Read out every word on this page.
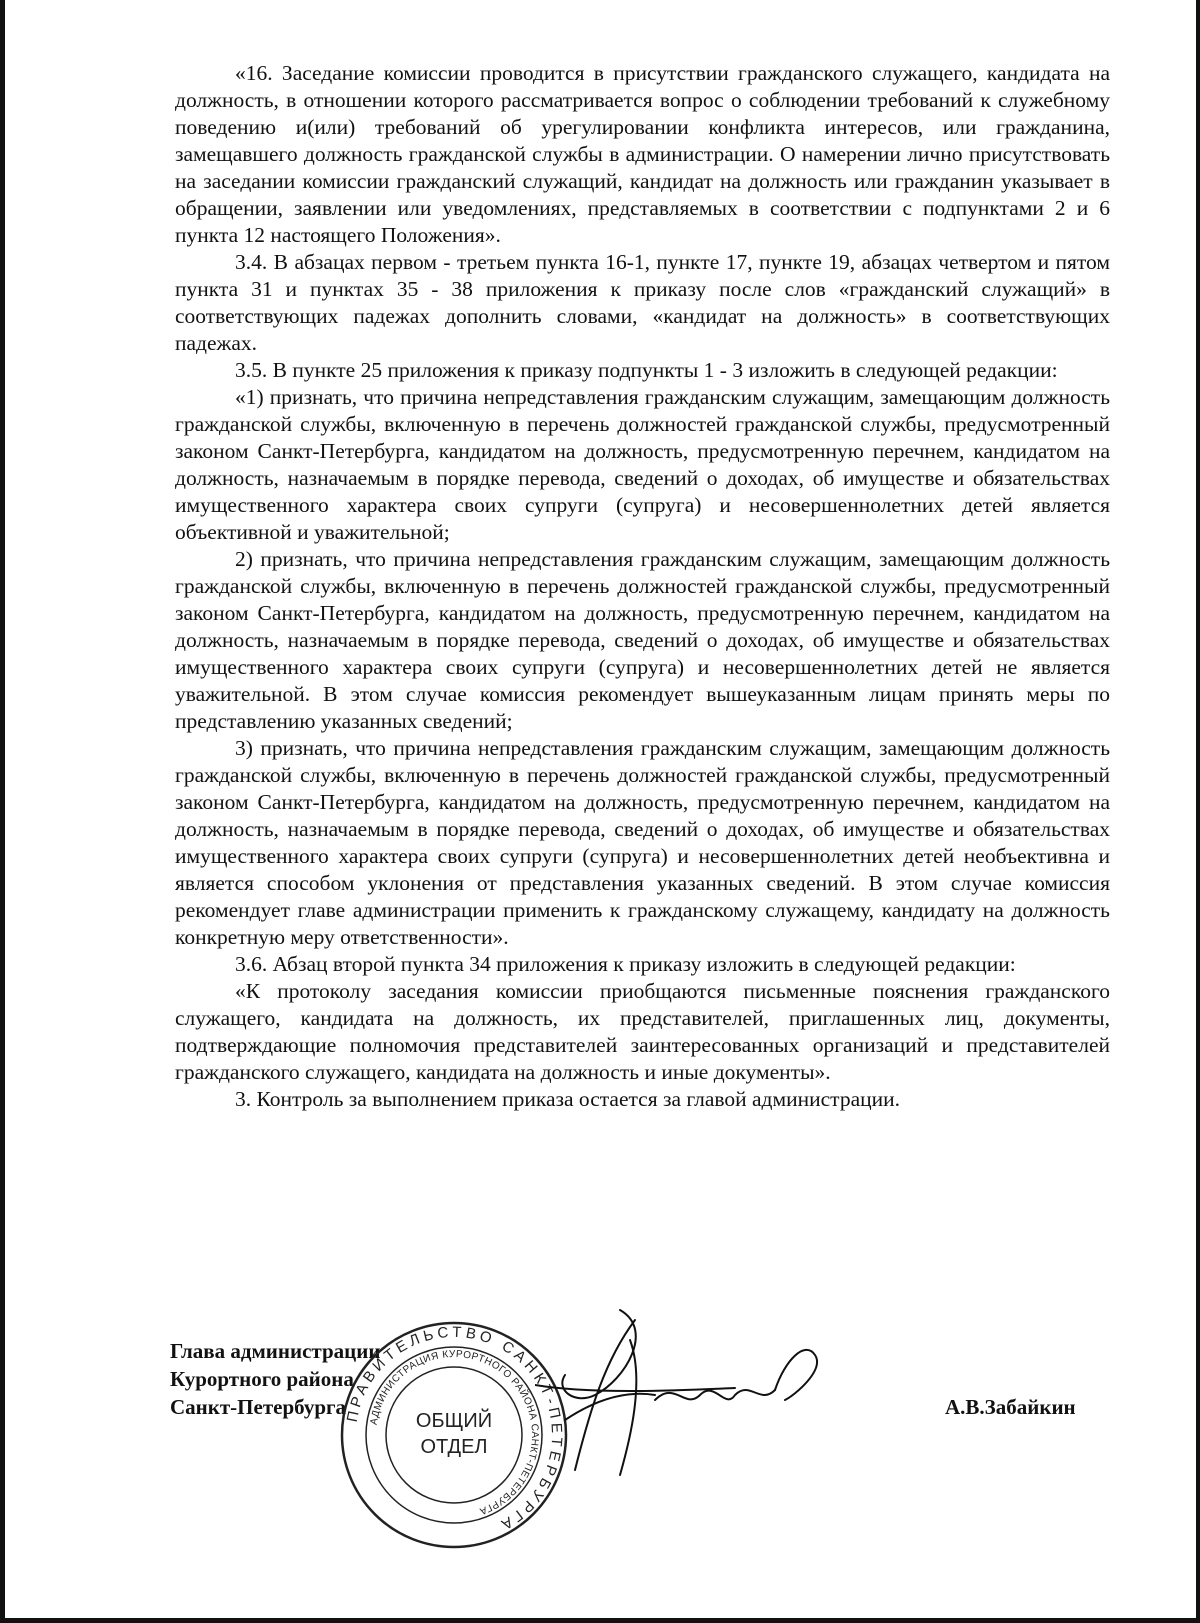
«16. Заседание комиссии проводится в присутствии гражданского служащего, кандидата на должность, в отношении которого рассматривается вопрос о соблюдении требований к служебному поведению и(или) требований об урегулировании конфликта интересов, или гражданина, замещавшего должность гражданской службы в администрации. О намерении лично присутствовать на заседании комиссии гражданский служащий, кандидат на должность или гражданин указывает в обращении, заявлении или уведомлениях, представляемых в соответствии с подпунктами 2 и 6 пункта 12 настоящего Положения».

3.4. В абзацах первом - третьем пункта 16-1, пункте 17, пункте 19, абзацах четвертом и пятом пункта 31 и пунктах 35 - 38 приложения к приказу после слов «гражданский служащий» в соответствующих падежах дополнить словами, «кандидат на должность» в соответствующих падежах.

3.5. В пункте 25 приложения к приказу подпункты 1 - 3 изложить в следующей редакции:

«1) признать, что причина непредставления гражданским служащим, замещающим должность гражданской службы, включенную в перечень должностей гражданской службы, предусмотренный законом Санкт-Петербурга, кандидатом на должность, предусмотренную перечнем, кандидатом на должность, назначаемым в порядке перевода, сведений о доходах, об имуществе и обязательствах имущественного характера своих супруги (супруга) и несовершеннолетних детей является объективной и уважительной;

2) признать, что причина непредставления гражданским служащим, замещающим должность гражданской службы, включенную в перечень должностей гражданской службы, предусмотренный законом Санкт-Петербурга, кандидатом на должность, предусмотренную перечнем, кандидатом на должность, назначаемым в порядке перевода, сведений о доходах, об имуществе и обязательствах имущественного характера своих супруги (супруга) и несовершеннолетних детей не является уважительной. В этом случае комиссия рекомендует вышеуказанным лицам принять меры по представлению указанных сведений;

3) признать, что причина непредставления гражданским служащим, замещающим должность гражданской службы, включенную в перечень должностей гражданской службы, предусмотренный законом Санкт-Петербурга, кандидатом на должность, предусмотренную перечнем, кандидатом на должность, назначаемым в порядке перевода, сведений о доходах, об имуществе и обязательствах имущественного характера своих супруги (супруга) и несовершеннолетних детей необъективна и является способом уклонения от представления указанных сведений. В этом случае комиссия рекомендует главе администрации применить к гражданскому служащему, кандидату на должность конкретную меру ответственности».

3.6. Абзац второй пункта 34 приложения к приказу изложить в следующей редакции:

«К протоколу заседания комиссии приобщаются письменные пояснения гражданского служащего, кандидата на должность, их представителей, приглашенных лиц, документы, подтверждающие полномочия представителей заинтересованных организаций и представителей гражданского служащего, кандидата на должность и иные документы».

3. Контроль за выполнением приказа остается за главой администрации.

Глава администрации
Курортного района
Санкт-Петербурга
ПРАВИТЕЛЬСТВО САНКТ-ПЕТЕРБУРГА
АДМИНИСТРАЦИЯ КУРОРТНОГО РАЙОНА САНКТ-ПЕТЕРБУРГА
ОБЩИЙ
ОТДЕЛ
А.В.Забайкин
